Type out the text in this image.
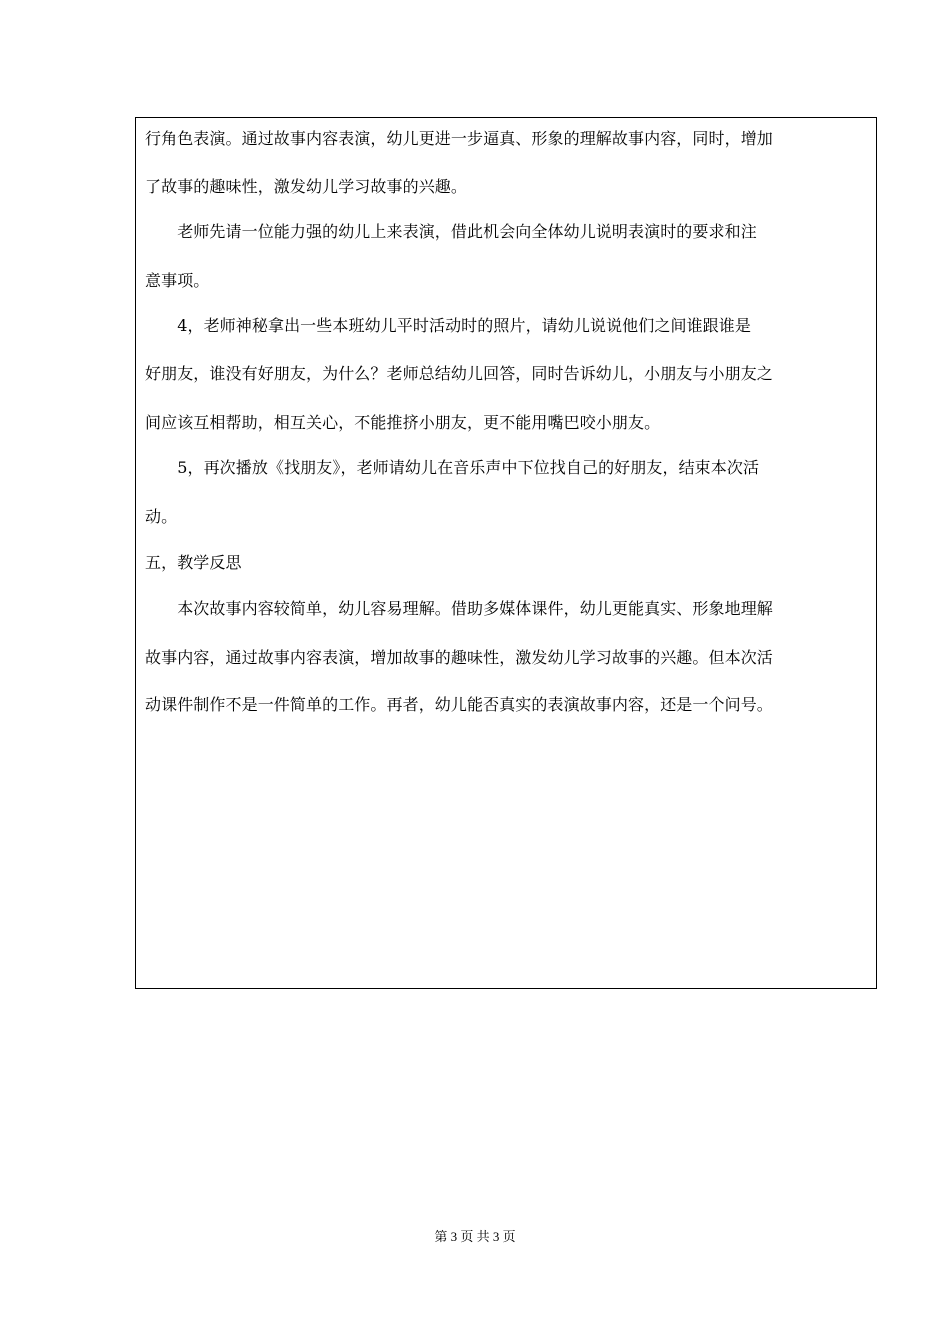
行角色表演。通过故事内容表演，幼儿更进一步逼真、形象的理解故事内容，同时，增加
了故事的趣味性，激发幼儿学习故事的兴趣。
　　老师先请一位能力强的幼儿上来表演，借此机会向全体幼儿说明表演时的要求和注
意事项。
　　4，老师神秘拿出一些本班幼儿平时活动时的照片，请幼儿说说他们之间谁跟谁是
好朋友，谁没有好朋友，为什么？老师总结幼儿回答，同时告诉幼儿，小朋友与小朋友之
间应该互相帮助，相互关心，不能推挤小朋友，更不能用嘴巴咬小朋友。
　　5，再次播放《找朋友》，老师请幼儿在音乐声中下位找自己的好朋友，结束本次活
动。
五，教学反思
　　本次故事内容较简单，幼儿容易理解。借助多媒体课件，幼儿更能真实、形象地理解
故事内容，通过故事内容表演，增加故事的趣味性，激发幼儿学习故事的兴趣。但本次活
动课件制作不是一件简单的工作。再者，幼儿能否真实的表演故事内容，还是一个问号。
第 3 页 共 3 页
